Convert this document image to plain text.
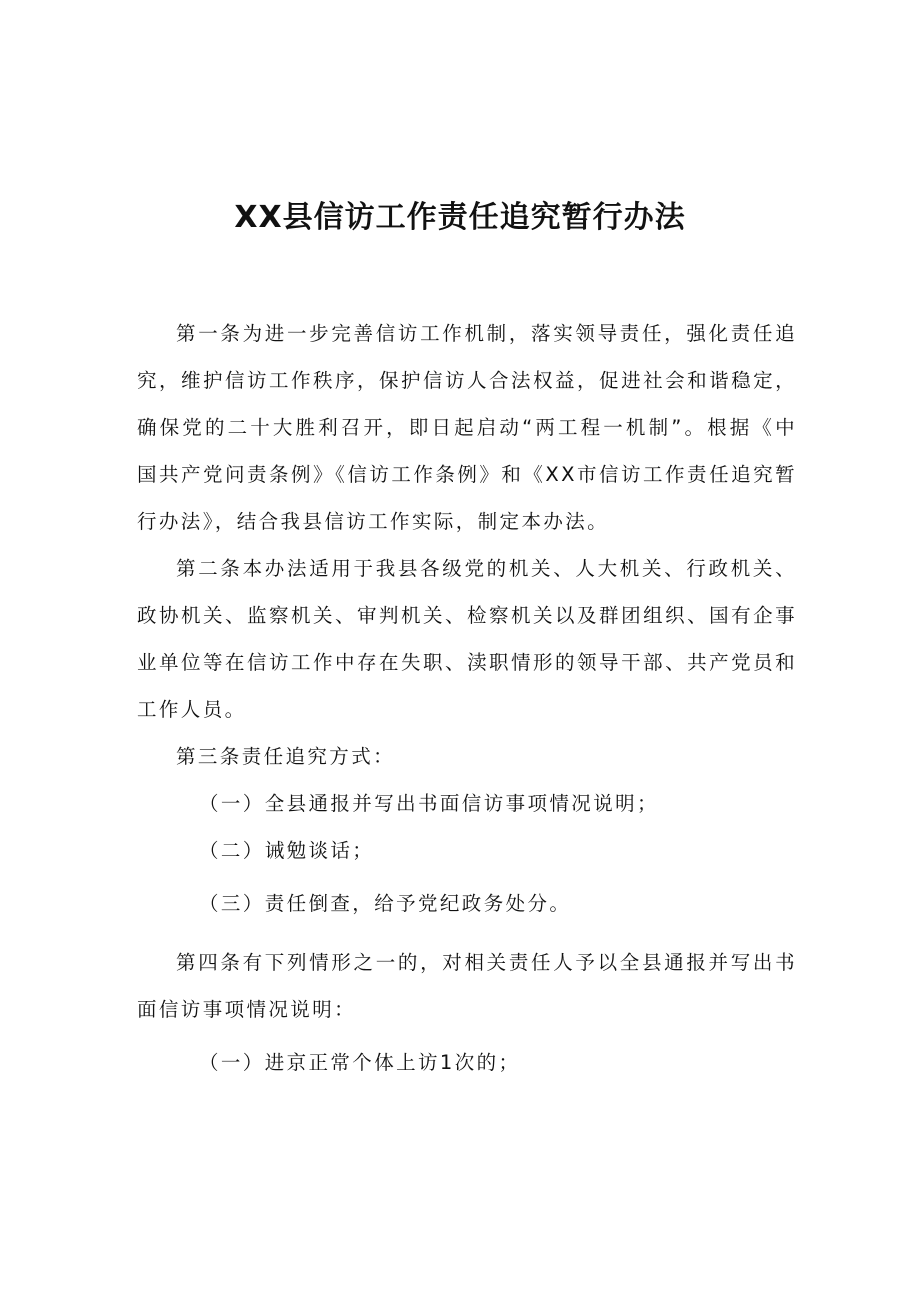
XX县信访工作责任追究暂行办法

第一条为进一步完善信访工作机制，落实领导责任，强化责任追究，维护信访工作秩序，保护信访人合法权益，促进社会和谐稳定，确保党的二十大胜利召开，即日起启动“两工程一机制”。根据《中国共产党问责条例》《信访工作条例》和《XX市信访工作责任追究暂行办法》，结合我县信访工作实际，制定本办法。

第二条本办法适用于我县各级党的机关、人大机关、行政机关、政协机关、监察机关、审判机关、检察机关以及群团组织、国有企事业单位等在信访工作中存在失职、渎职情形的领导干部、共产党员和工作人员。

第三条责任追究方式：

（一）全县通报并写出书面信访事项情况说明；

（二）诫勉谈话；

（三）责任倒查，给予党纪政务处分。

第四条有下列情形之一的，对相关责任人予以全县通报并写出书面信访事项情况说明：

（一）进京正常个体上访1次的；
